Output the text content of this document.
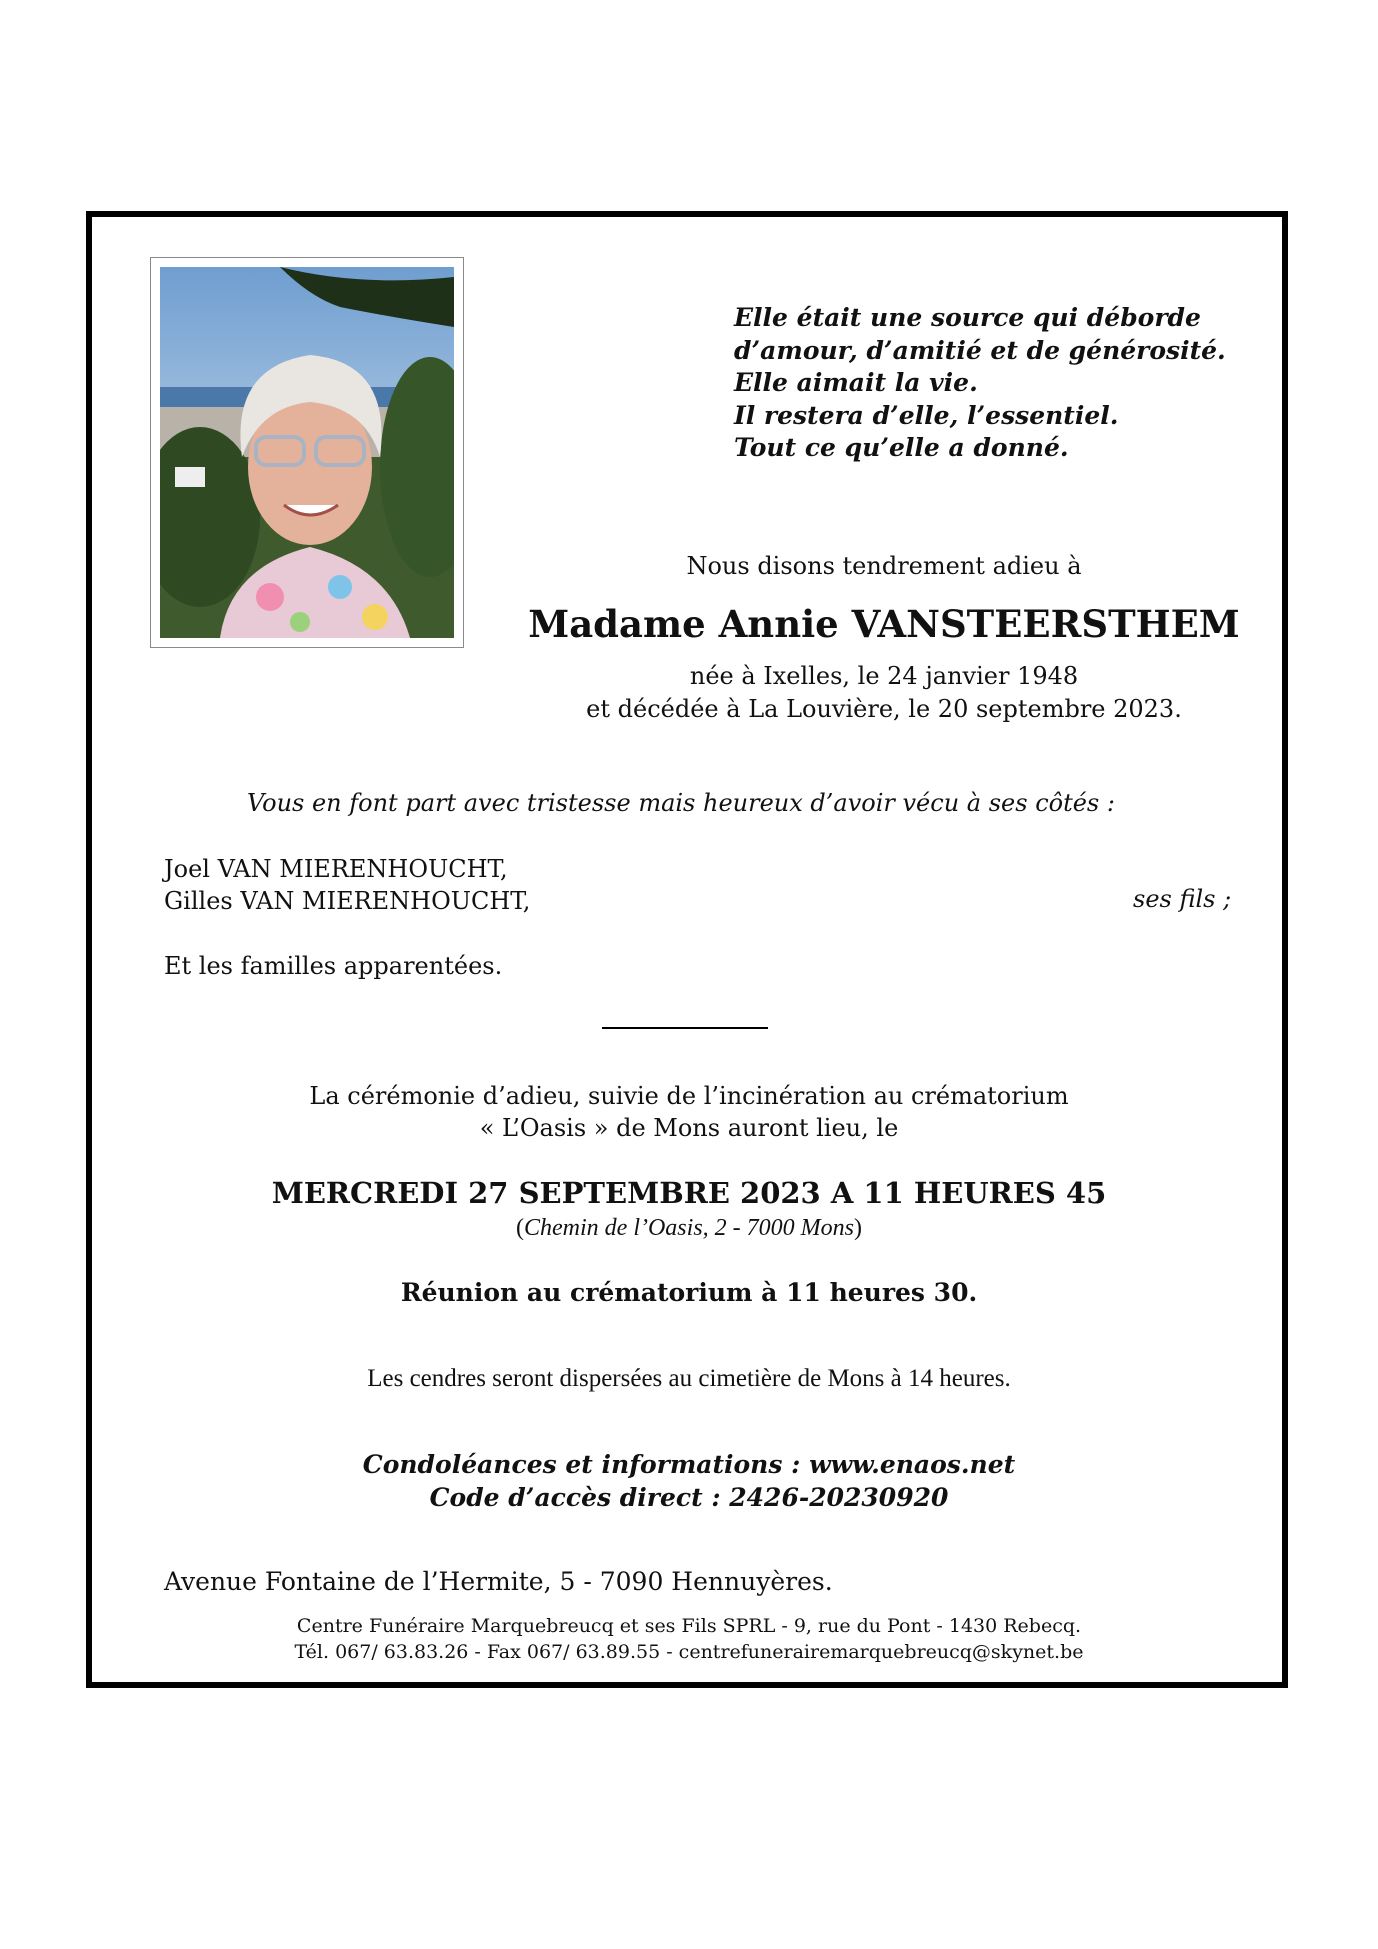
Elle était une source qui déborde
d’amour, d’amitié et de générosité.
Elle aimait la vie.
Il restera d’elle, l’essentiel.
Tout ce qu’elle a donné.
Nous disons tendrement adieu à
Madame Annie VANSTEERSTHEM
née à Ixelles, le 24 janvier 1948
et décédée à La Louvière, le 20 septembre 2023.
Vous en font part avec tristesse mais heureux d’avoir vécu à ses côtés :
Joel VAN MIERENHOUCHT,
Gilles VAN MIERENHOUCHT,	ses fils ;
Et les familles apparentées.
La cérémonie d’adieu, suivie de l’incinération au crématorium
« L’Oasis » de Mons auront lieu, le
MERCREDI 27 SEPTEMBRE 2023 A 11 HEURES 45
(Chemin de l’Oasis, 2 - 7000 Mons)
Réunion au crématorium à 11 heures 30.
Les cendres seront dispersées au cimetière de Mons à 14 heures.
Condoléances et informations : www.enaos.net
Code d’accès direct : 2426-20230920
Avenue Fontaine de l’Hermite, 5 - 7090 Hennuyères.
Centre Funéraire Marquebreucq et ses Fils SPRL - 9, rue du Pont - 1430 Rebecq.
Tél. 067/ 63.83.26 - Fax 067/ 63.89.55 - centrefunerairemarquebreucq@skynet.be
